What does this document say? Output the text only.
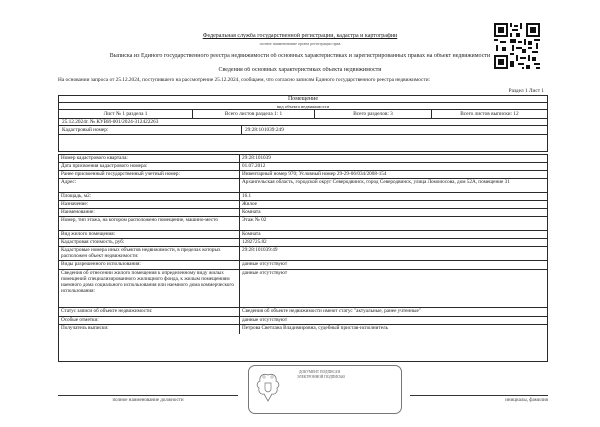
Федеральная служба государственной регистрации, кадастра и картографии
полное наименование органа регистрации прав
Выписка из Единого государственного реестра недвижимости об основных характеристиках и зарегистрированных правах на объект недвижимости
Сведения об основных характеристиках объекта недвижимости
На основании запроса от 25.12.2024, поступившего на рассмотрение 25.12.2024, сообщаем, что согласно записям Единого государственного реестра недвижимости:
Раздел 1 Лист 1
Помещение
вид объекта недвижимости
Лист № 1 раздела 1	Всего листов раздела 1: 1	Всего разделов: 3	Всего листов выписки: 12
25.12.2024г. № КУВИ-001/2024-312422263
Кадастровый номер:	29:28:101039:249
Номер кадастрового квартала:	29:28:101039
Дата присвоения кадастрового номера:	01.07.2012
Ранее присвоенный государственный учетный номер:	Инвентарный номер 970; Условный номер 29-29-06/034/2008-154
Адрес:	Архангельская область, городской округ Северодвинск, город Северодвинск, улица Ломоносова, дом 52А, помещение 31
Площадь, м2:	16.1
Назначение:	Жилое
Наименование:	Комната
Номер, тип этажа, на котором расположено помещение, машино-место	Этаж № 02
Вид жилого помещения:	Комната
Кадастровая стоимость, руб:	1282725.82
Кадастровые номера иных объектов недвижимости, в пределах которых расположен объект недвижимости:
29:28:101039:49
Виды разрешенного использования:	данные отсутствуют
Сведения об отнесении жилого помещения к определенному виду жилых помещений специализированного жилищного фонда, к жилым помещениям наемного дома социального использования или наемного дома коммерческого использования:
данные отсутствуют
Статус записи об объекте недвижимости:	Сведения об объекте недвижимости имеют статус "актуальные, ранее учтенные"
Особые отметки:	данные отсутствуют
Получатель выписки:	Петрова Светлана Владимировна, судебный пристав-исполнитель
полное наименование должности	инициалы, фамилия
ДОКУМЕНТ ПОДПИСАН
ЭЛЕКТРОННОЙ ПОДПИСЬЮ
